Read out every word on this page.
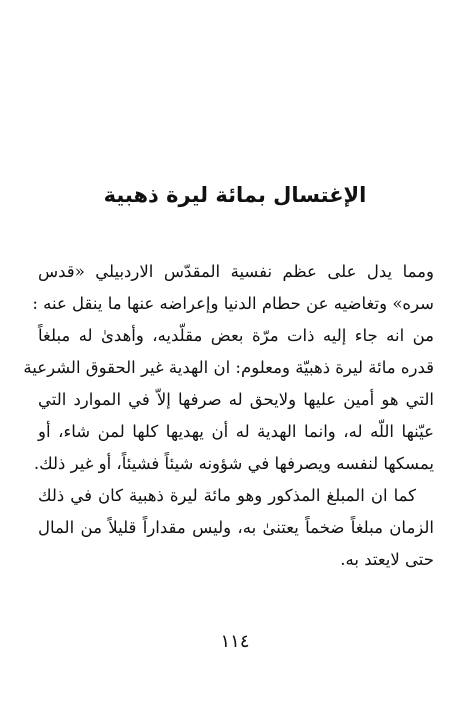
الإغتسال بمائة ليرة ذهبية
ومما يدل على عظم نفسية المقدّس الاردبيلي «قدس
سره» وتغاضيه عن حطام الدنيا وإعراضه عنها ما ينقل عنه :
من انه جاء إليه ذات مرّة بعض مقلّديه، وأهدىٰ له مبلغاً
قدره مائة ليرة ذهبيّة ومعلوم: ان الهدية غير الحقوق الشرعية
التي هو أمين عليها ولايحق له صرفها إلاّ في الموارد التي
عيّنها اللّه له، وانما الهدية له أن يهديها كلها لمن شاء، أو
يمسكها لنفسه ويصرفها في شؤونه شيئاً فشيئاً، أو غير ذلك.
كما ان المبلغ المذكور وهو مائة ليرة ذهبية كان في ذلك
الزمان مبلغاً ضخماً يعتنىٰ به، وليس مقداراً قليلاً من المال
حتى لايعتد به.
١١٤
